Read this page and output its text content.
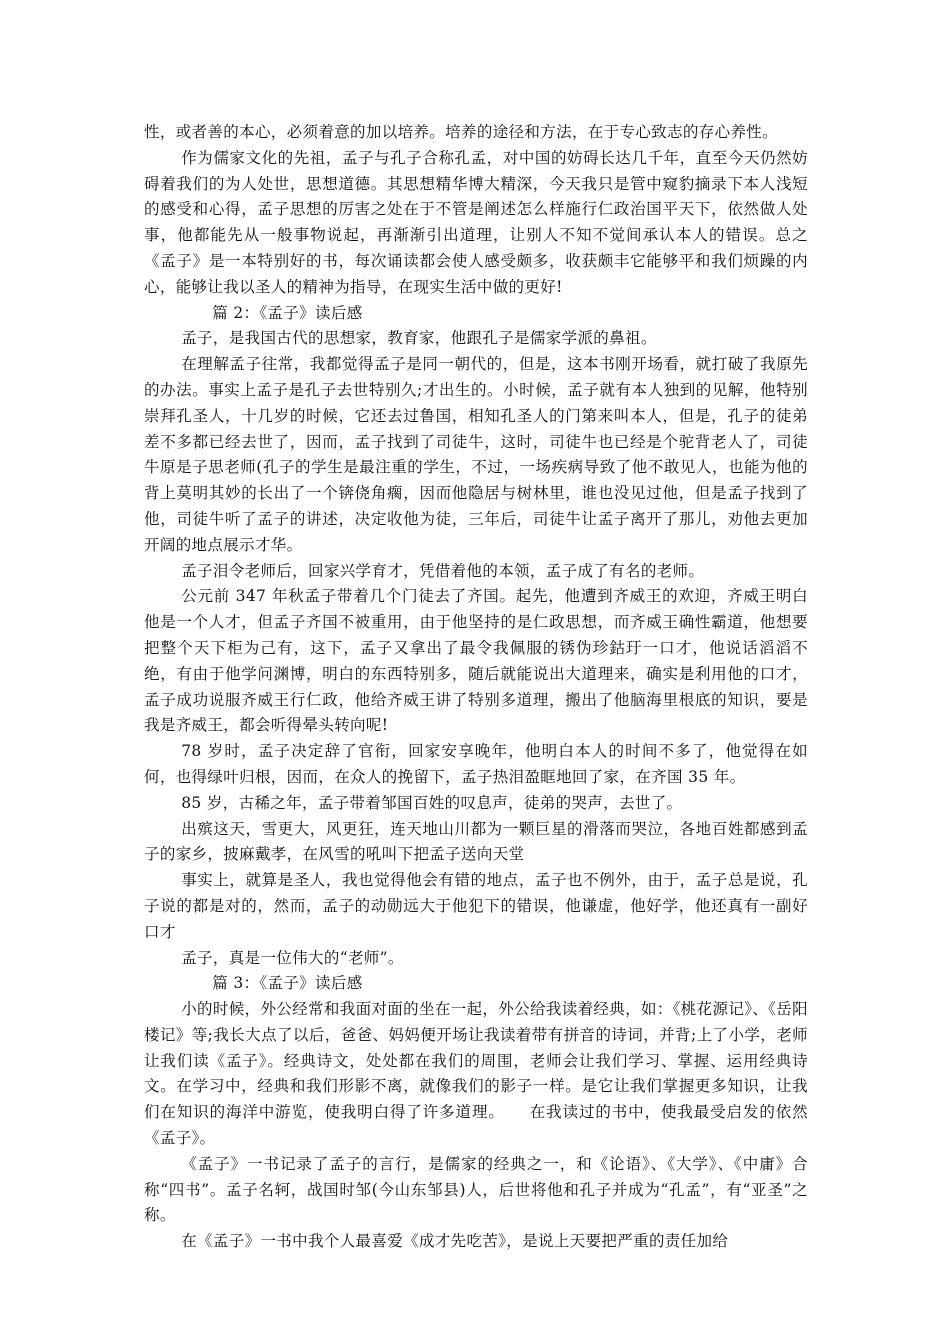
性，或者善的本心，必须着意的加以培养。培养的途径和方法，在于专心致志的存心养性。

作为儒家文化的先祖，孟子与孔子合称孔孟，对中国的妨碍长达几千年，直至今天仍然妨碍着我们的为人处世，思想道德。其思想精华博大精深，今天我只是管中窥豹摘录下本人浅短的感受和心得，孟子思想的厉害之处在于不管是阐述怎么样施行仁政治国平天下，依然做人处事，他都能先从一般事物说起，再渐渐引出道理，让别人不知不觉间承认本人的错误。总之《孟子》是一本特别好的书，每次诵读都会使人感受颇多，收获颇丰它能够平和我们烦躁的内心，能够让我以圣人的精神为指导，在现实生活中做的更好!

篇 2：《孟子》读后感

孟子，是我国古代的思想家，教育家，他跟孔子是儒家学派的鼻祖。

在理解孟子往常，我都觉得孟子是同一朝代的，但是，这本书刚开场看，就打破了我原先的办法。事实上孟子是孔子去世特别久;才出生的。小时候，孟子就有本人独到的见解，他特别崇拜孔圣人，十几岁的时候，它还去过鲁国，相知孔圣人的门第来叫本人，但是，孔子的徒弟差不多都已经去世了，因而，孟子找到了司徒牛，这时，司徒牛也已经是个驼背老人了，司徒牛原是子思老师(孔子的学生是最注重的学生，不过，一场疾病导致了他不敢见人，也能为他的背上莫明其妙的长出了一个锛侥角瘸，因而他隐居与树林里，谁也没见过他，但是孟子找到了他，司徒牛听了孟子的讲述，决定收他为徒，三年后，司徒牛让孟子离开了那儿，劝他去更加开阔的地点展示才华。

孟子泪令老师后，回家兴学育才，凭借着他的本领，孟子成了有名的老师。

公元前 347 年秋孟子带着几个门徒去了齐国。起先，他遭到齐威王的欢迎，齐威王明白他是一个人才，但孟子齐国不被重用，由于他坚持的是仁政思想，而齐威王确性霸道，他想要把整个天下柜为己有，这下，孟子又拿出了最令我佩服的锈伪珍鈷玗一口才，他说话滔滔不绝，有由于他学问渊博，明白的东西特别多，随后就能说出大道理来，确实是利用他的口才，孟子成功说服齐威王行仁政，他给齐威王讲了特别多道理，搬出了他脑海里根底的知识，要是我是齐威王，都会听得晕头转向呢!

78 岁时，孟子决定辞了官衔，回家安享晚年，他明白本人的时间不多了，他觉得在如何，也得绿叶归根，因而，在众人的挽留下，孟子热泪盈眶地回了家，在齐国 35 年。

85 岁，古稀之年，孟子带着邹国百姓的叹息声，徒弟的哭声，去世了。

出殡这天，雪更大，风更狂，连天地山川都为一颗巨星的滑落而哭泣，各地百姓都感到孟子的家乡，披麻戴孝，在风雪的吼叫下把孟子送向天堂

事实上，就算是圣人，我也觉得他会有错的地点，孟子也不例外，由于，孟子总是说，孔子说的都是对的，然而，孟子的动勋远大于他犯下的错误，他谦虚，他好学，他还真有一副好口才

孟子，真是一位伟大的“老师”。

篇 3：《孟子》读后感

小的时候，外公经常和我面对面的坐在一起，外公给我读着经典，如：《桃花源记》、《岳阳楼记》等;我长大点了以后，爸爸、妈妈便开场让我读着带有拼音的诗词，并背;上了小学，老师让我们读《孟子》。经典诗文，处处都在我们的周围，老师会让我们学习、掌握、运用经典诗文。在学习中，经典和我们形影不离，就像我们的影子一样。是它让我们掌握更多知识，让我们在知识的海洋中游览，使我明白得了许多道理。　　在我读过的书中，使我最受启发的依然《孟子》。

《孟子》一书记录了孟子的言行，是儒家的经典之一，和《论语》、《大学》、《中庸》合称“四书”。孟子名轲，战国时邹(今山东邹县)人，后世将他和孔子并成为“孔孟”，有“亚圣”之称。

在《孟子》一书中我个人最喜爱《成才先吃苦》，是说上天要把严重的责任加给
